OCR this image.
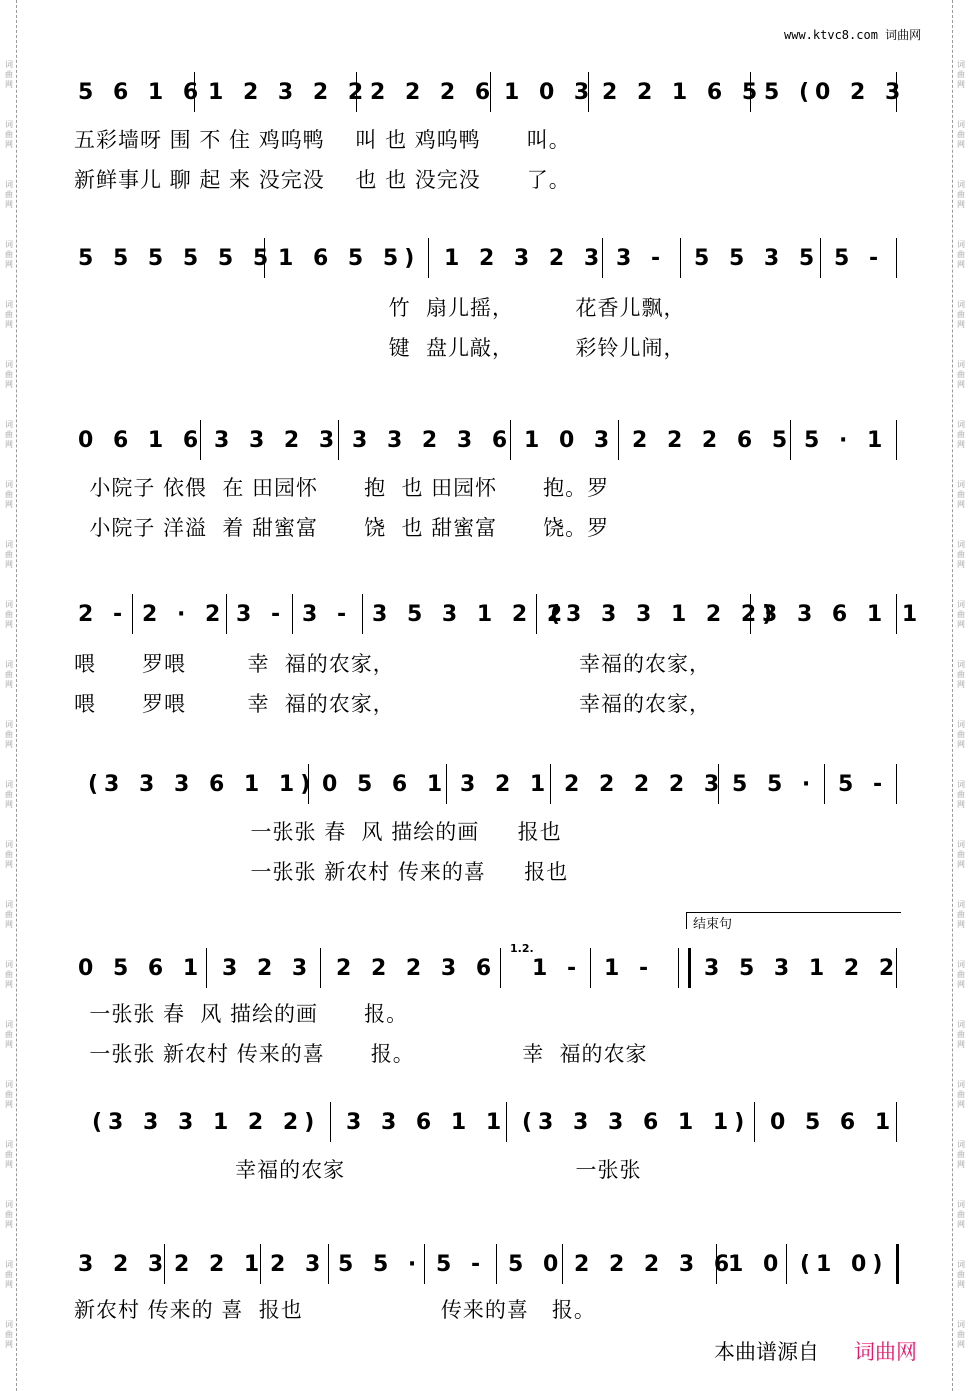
词
曲
网
词
曲
网
词
曲
网
词
曲
网
词
曲
网
词
曲
网
词
曲
网
词
曲
网
词
曲
网
词
曲
网
词
曲
网
词
曲
网
词
曲
网
词
曲
网
词
曲
网
词
曲
网
词
曲
网
词
曲
网
词
曲
网
词
曲
网
词
曲
网
词
曲
网
词
曲
网
词
曲
网
词
曲
网
词
曲
网
词
曲
网
词
曲
网
词
曲
网
词
曲
网
词
曲
网
词
曲
网
词
曲
网
词
曲
网
词
曲
网
词
曲
网
词
曲
网
词
曲
网
词
曲
网
词
曲
网
词
曲
网
词
曲
网
词
曲
网
词
曲
网
www.ktvc8.com 词曲网
5 6 1 6 1 2 3 2 2 2 2 2 6 1 0 3 2 2 1 6 5 5 (0 2 3
五彩墙呀 围 不 住 鸡呜鸭    叫 也 鸡呜鸭      叫。
新鲜事儿 聊 起 来 没完没    也 也 没完没      了。
5 5 5 5 5 5 1 6 5 5) 1 2 3 2 3 3 - 5 5 3 5 5 -
竹  扇儿摇，        花香儿飘，
键  盘儿敲，        彩铃儿闹，
0 6 1 6 3 3 2 3 3 3 2 3 6 1 0 3 2 2 2 6 5 5 · 1
小院子 依偎  在 田园怀      抱  也 田园怀      抱。罗
小院子 洋溢  着 甜蜜富      饶  也 甜蜜富      饶。罗
2 - 2 · 2 3 - 3 - 3 5 3 1 2 2
(3 3 3 1 2 2)
3 3 6 1 1
喂      罗喂        幸  福的农家，                        幸福的农家，
喂      罗喂        幸  福的农家，                        幸福的农家，
(3 3 3 6 1 1) 0 5 6 1 3 2 1 2 2 2 2 3 5 5 · 5 -
一张张 春  风 描绘的画     报也
一张张 新农村 传来的喜     报也
结束句
0 5 6 1 3 2 3 2 2 2 3 6
1.2.
1 - 1 - 3 5 3 1 2 2
一张张 春  风 描绘的画      报。
一张张 新农村 传来的喜      报。              幸  福的农家
(3 3 3 1 2 2) 3 3 6 1 1 (3 3 3 6 1 1) 0 5 6 1
幸福的农家                              一张张
3 2 3 2 2 1 2 3 5 5 · 5 - 5 0 2 2 2 3 6
1 0 (1 0)
新农村 传来的 喜  报也                  传来的喜   报。
本曲谱源自 词曲网
